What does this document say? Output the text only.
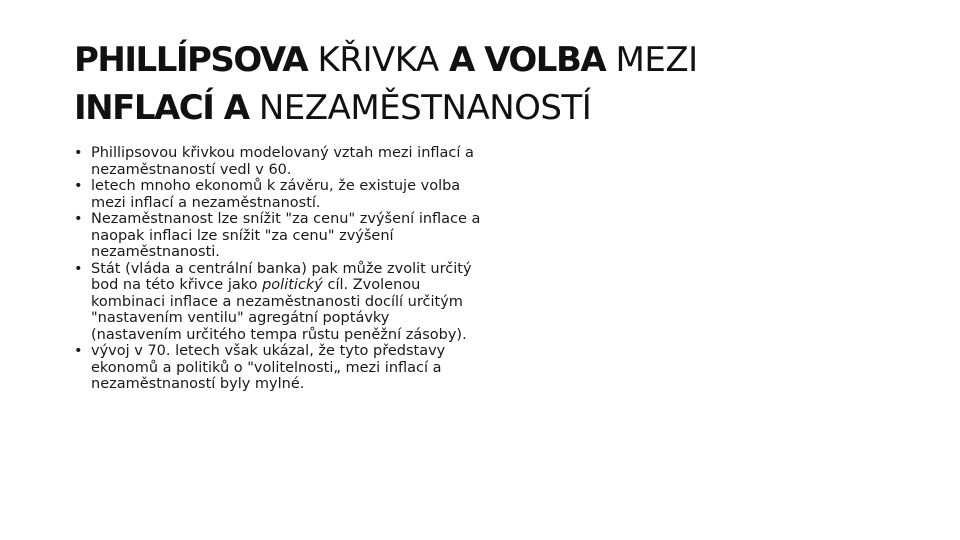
PHILLÍPSOVA KŘIVKA A VOLBA MEZI
INFLACÍ A NEZAMĚSTNANOSTÍ
• Phillipsovou křivkou modelovaný vztah mezi inflací a nezaměstnaností vedl v 60.
• letech mnoho ekonomů k závěru, že existuje volba mezi inflací a nezaměstnaností.
• Nezaměstnanost lze snížit "za cenu" zvýšení inflace a naopak inflaci lze snížit "za cenu" zvýšení nezaměstnanosti.
• Stát (vláda a centrální banka) pak může zvolit určitý bod na této křivce jako politický cíl. Zvolenou kombinaci inflace a nezaměstnanosti docílí určitým "nastavením ventilu" agregátní poptávky (nastavením určitého tempa růstu peněžní zásoby).
• vývoj v 70. letech však ukázal, že tyto představy ekonomů a politiků o "volitelnosti„ mezi inflací a nezaměstnaností byly mylné.
